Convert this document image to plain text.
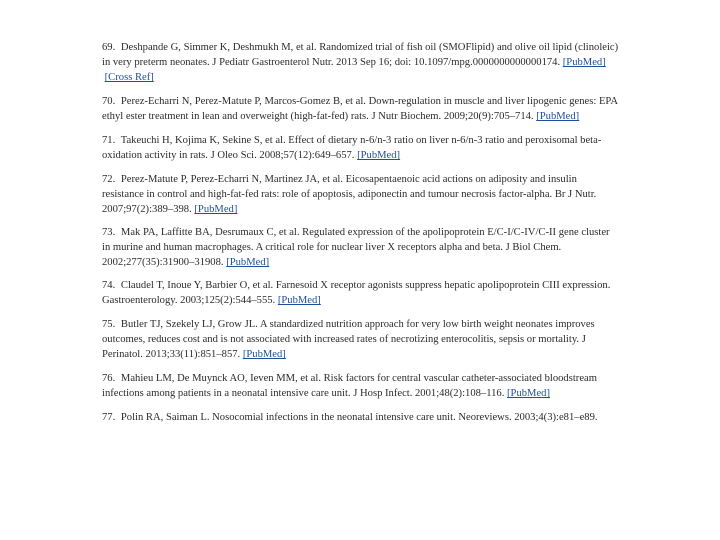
69. Deshpande G, Simmer K, Deshmukh M, et al. Randomized trial of fish oil (SMOFlipid) and olive oil lipid (clinoleic) in very preterm neonates. J Pediatr Gastroenterol Nutr. 2013 Sep 16; doi: 10.1097/mpg.0000000000000174. [PubMed] [Cross Ref]

70. Perez-Echarri N, Perez-Matute P, Marcos-Gomez B, et al. Down-regulation in muscle and liver lipogenic genes: EPA ethyl ester treatment in lean and overweight (high-fat-fed) rats. J Nutr Biochem. 2009;20(9):705–714. [PubMed]

71. Takeuchi H, Kojima K, Sekine S, et al. Effect of dietary n-6/n-3 ratio on liver n-6/n-3 ratio and peroxisomal beta-oxidation activity in rats. J Oleo Sci. 2008;57(12):649–657. [PubMed]

72. Perez-Matute P, Perez-Echarri N, Martinez JA, et al. Eicosapentaenoic acid actions on adiposity and insulin resistance in control and high-fat-fed rats: role of apoptosis, adiponectin and tumour necrosis factor-alpha. Br J Nutr. 2007;97(2):389–398. [PubMed]

73. Mak PA, Laffitte BA, Desrumaux C, et al. Regulated expression of the apolipoprotein E/C-I/C-IV/C-II gene cluster in murine and human macrophages. A critical role for nuclear liver X receptors alpha and beta. J Biol Chem. 2002;277(35):31900–31908. [PubMed]

74. Claudel T, Inoue Y, Barbier O, et al. Farnesoid X receptor agonists suppress hepatic apolipoprotein CIII expression. Gastroenterology. 2003;125(2):544–555. [PubMed]

75. Butler TJ, Szekely LJ, Grow JL. A standardized nutrition approach for very low birth weight neonates improves outcomes, reduces cost and is not associated with increased rates of necrotizing enterocolitis, sepsis or mortality. J Perinatol. 2013;33(11):851–857. [PubMed]

76. Mahieu LM, De Muynck AO, Ieven MM, et al. Risk factors for central vascular catheter-associated bloodstream infections among patients in a neonatal intensive care unit. J Hosp Infect. 2001;48(2):108–116. [PubMed]

77. Polin RA, Saiman L. Nosocomial infections in the neonatal intensive care unit. Neoreviews. 2003;4(3):e81–e89.
